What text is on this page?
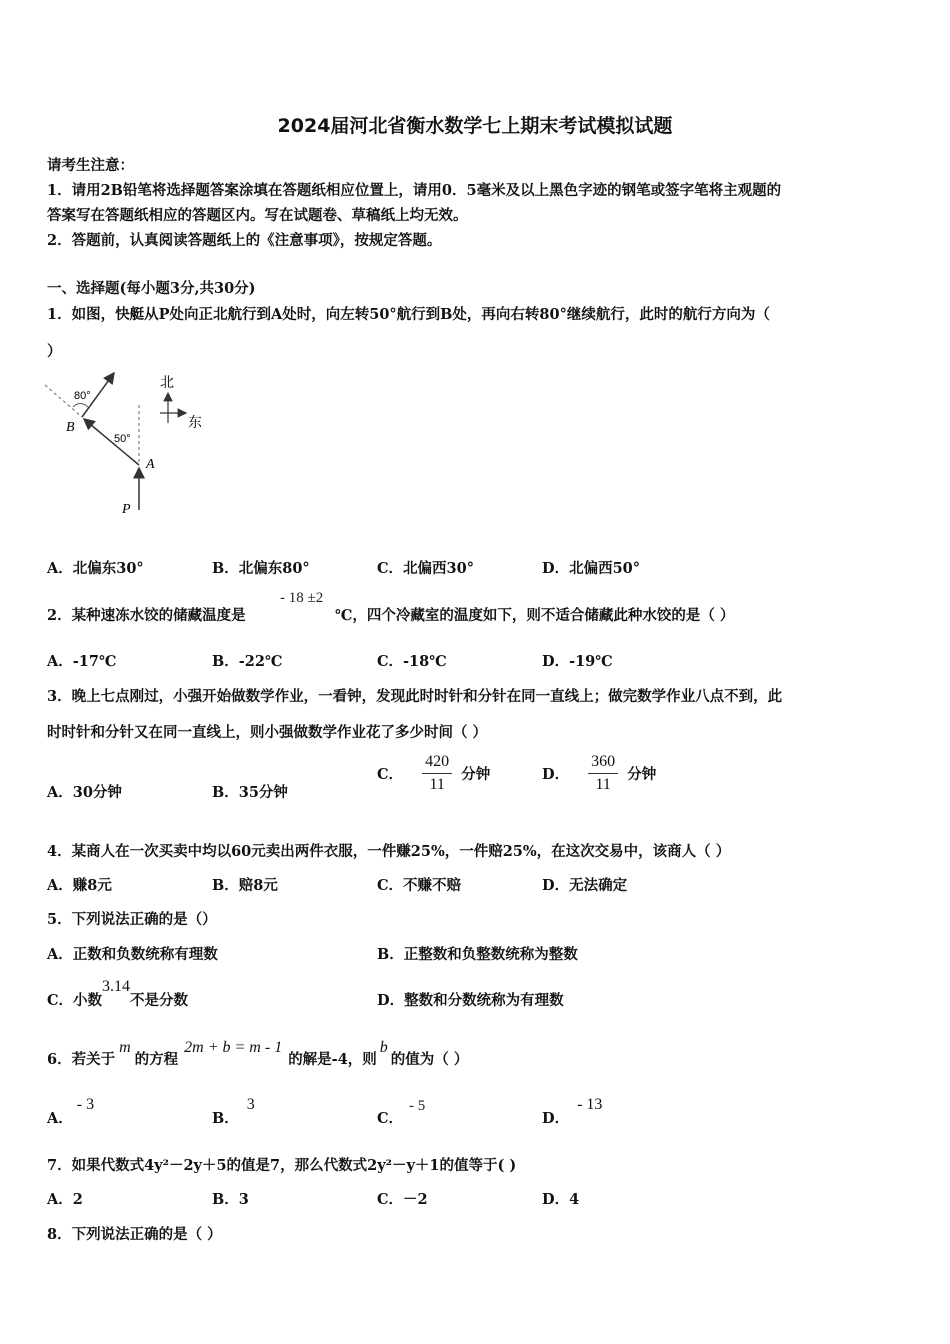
2024届河北省衡水数学七上期末考试模拟试题
请考生注意：
1．请用2B铅笔将选择题答案涂填在答题纸相应位置上，请用0．5毫米及以上黑色字迹的钢笔或签字笔将主观题的
答案写在答题纸相应的答题区内。写在试题卷、草稿纸上均无效。
2．答题前，认真阅读答题纸上的《注意事项》，按规定答题。
一、选择题(每小题3分,共30分)
1．如图，快艇从P处向正北航行到A处时，向左转50°航行到B处，再向右转80°继续航行，此时的航行方向为（
）
80°
50°
B
A
P
北
东
A．北偏东30°	B．北偏东80°	C．北偏西30°	D．北偏西50°
2．某种速冻水饺的储藏温度是
- 18 ±2
℃，四个冷藏室的温度如下，则不适合储藏此种水饺的是（ ）
A．-17℃	B．-22℃	C．-18℃	D．-19℃
3．晚上七点刚过，小强开始做数学作业，一看钟，发现此时时针和分针在同一直线上；做完数学作业八点不到，此
时时针和分针又在同一直线上，则小强做数学作业花了多少时间（ ）
A．30分钟	B．35分钟
C． $\frac{420}{11}$ 分钟	D． $\frac{360}{11}$ 分钟
4．某商人在一次买卖中均以60元卖出两件衣服，一件赚25%，一件赔25%，在这次交易中，该商人（ ）
A．赚8元	B．赔8元	C．不赚不赔	D．无法确定
5．下列说法正确的是（）
A．正数和负数统称有理数	B．正整数和负整数统称为整数
C．小数3.14不是分数	D．整数和分数统称为有理数
6．若关于m的方程2m + b = m - 1的解是-4，则b的值为（ ）
A．- 3
B．3
C．- 5
D．- 13
7．如果代数式4y²－2y＋5的值是7，那么代数式2y²－y＋1的值等于( )
A．2	B．3	C．－2	D．4
8．下列说法正确的是（ ）
